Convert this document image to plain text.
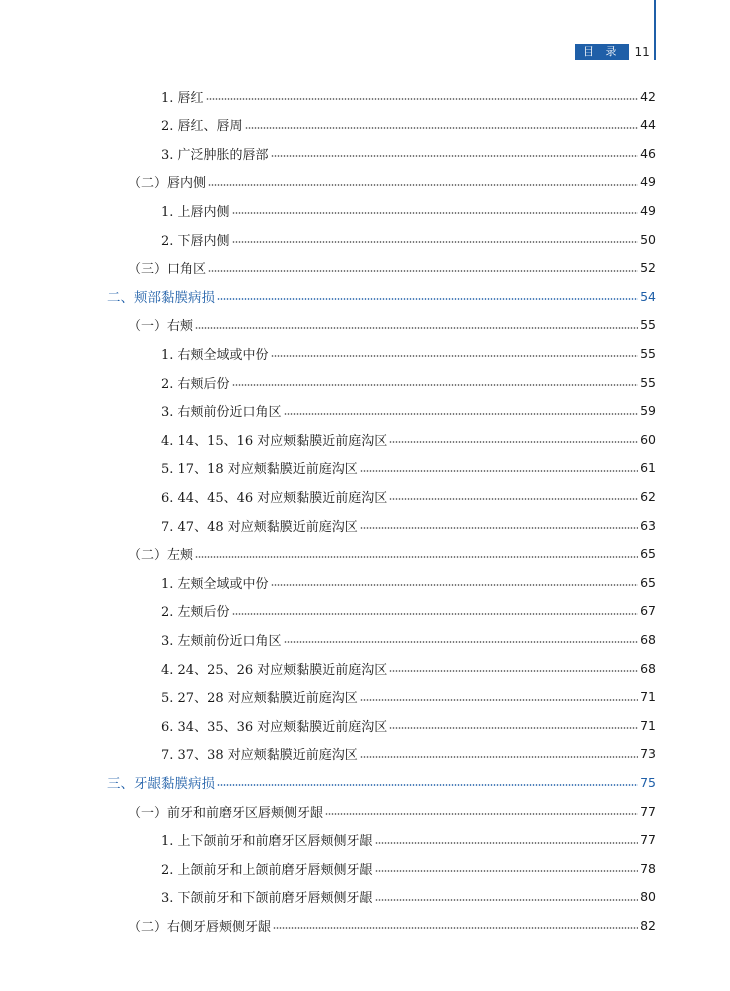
目 录	11
1. 唇红	42
2. 唇红、唇周	44
3. 广泛肿胀的唇部	46
（二）唇内侧	49
1. 上唇内侧	49
2. 下唇内侧	50
（三）口角区	52
二、颊部黏膜病损	54
（一）右颊	55
1. 右颊全域或中份	55
2. 右颊后份	55
3. 右颊前份近口角区	59
4. 14、15、16 对应颊黏膜近前庭沟区	60
5. 17、18 对应颊黏膜近前庭沟区	61
6. 44、45、46 对应颊黏膜近前庭沟区	62
7. 47、48 对应颊黏膜近前庭沟区	63
（二）左颊	65
1. 左颊全域或中份	65
2. 左颊后份	67
3. 左颊前份近口角区	68
4. 24、25、26 对应颊黏膜近前庭沟区	68
5. 27、28 对应颊黏膜近前庭沟区	71
6. 34、35、36 对应颊黏膜近前庭沟区	71
7. 37、38 对应颊黏膜近前庭沟区	73
三、牙龈黏膜病损	75
（一）前牙和前磨牙区唇颊侧牙龈	77
1. 上下颌前牙和前磨牙区唇颊侧牙龈	77
2. 上颌前牙和上颌前磨牙唇颊侧牙龈	78
3. 下颌前牙和下颌前磨牙唇颊侧牙龈	80
（二）右侧牙唇颊侧牙龈	82
